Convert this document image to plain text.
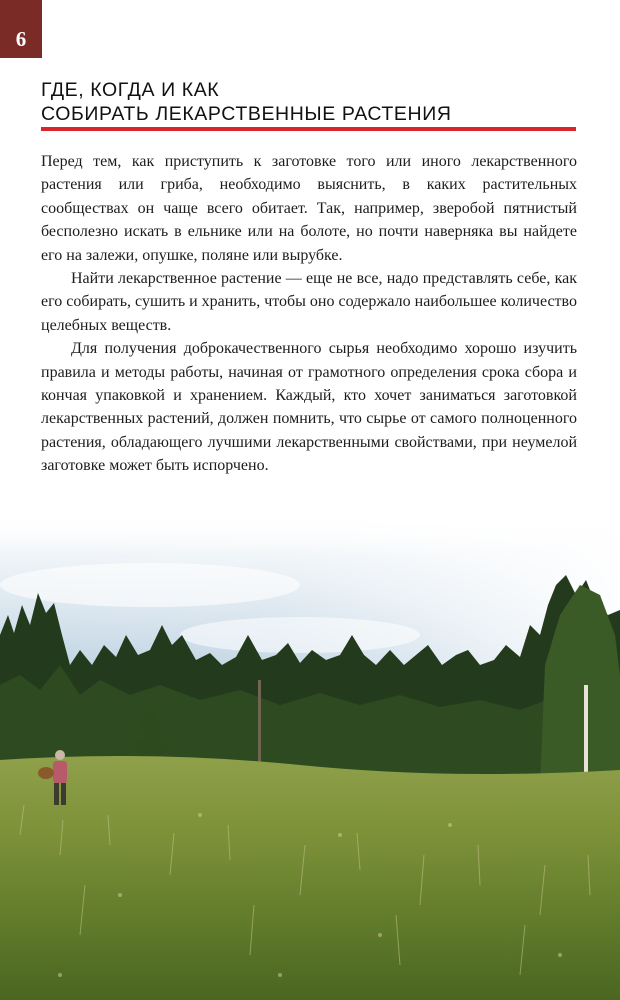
6
ГДЕ, КОГДА И КАК
СОБИРАТЬ ЛЕКАРСТВЕННЫЕ РАСТЕНИЯ

Перед тем, как приступить к заготовке того или иного лекарственного растения или гриба, необходимо выяснить, в каких растительных сообществах он чаще всего обитает. Так, например, зверобой пятнистый бесполезно искать в ельнике или на болоте, но почти наверняка вы найдете его на залежи, опушке, поляне или вырубке.

Найти лекарственное растение — еще не все, надо представлять себе, как его собирать, сушить и хранить, чтобы оно содержало наибольшее количество целебных веществ.

Для получения доброкачественного сырья необходимо хорошо изучить правила и методы работы, начиная от грамотного определения срока сбора и кончая упаковкой и хранением. Каждый, кто хочет заниматься заготовкой лекарственных растений, должен помнить, что сырье от самого полноценного растения, обладающего лучшими лекарственными свойствами, при неумелой заготовке может быть испорчено.
